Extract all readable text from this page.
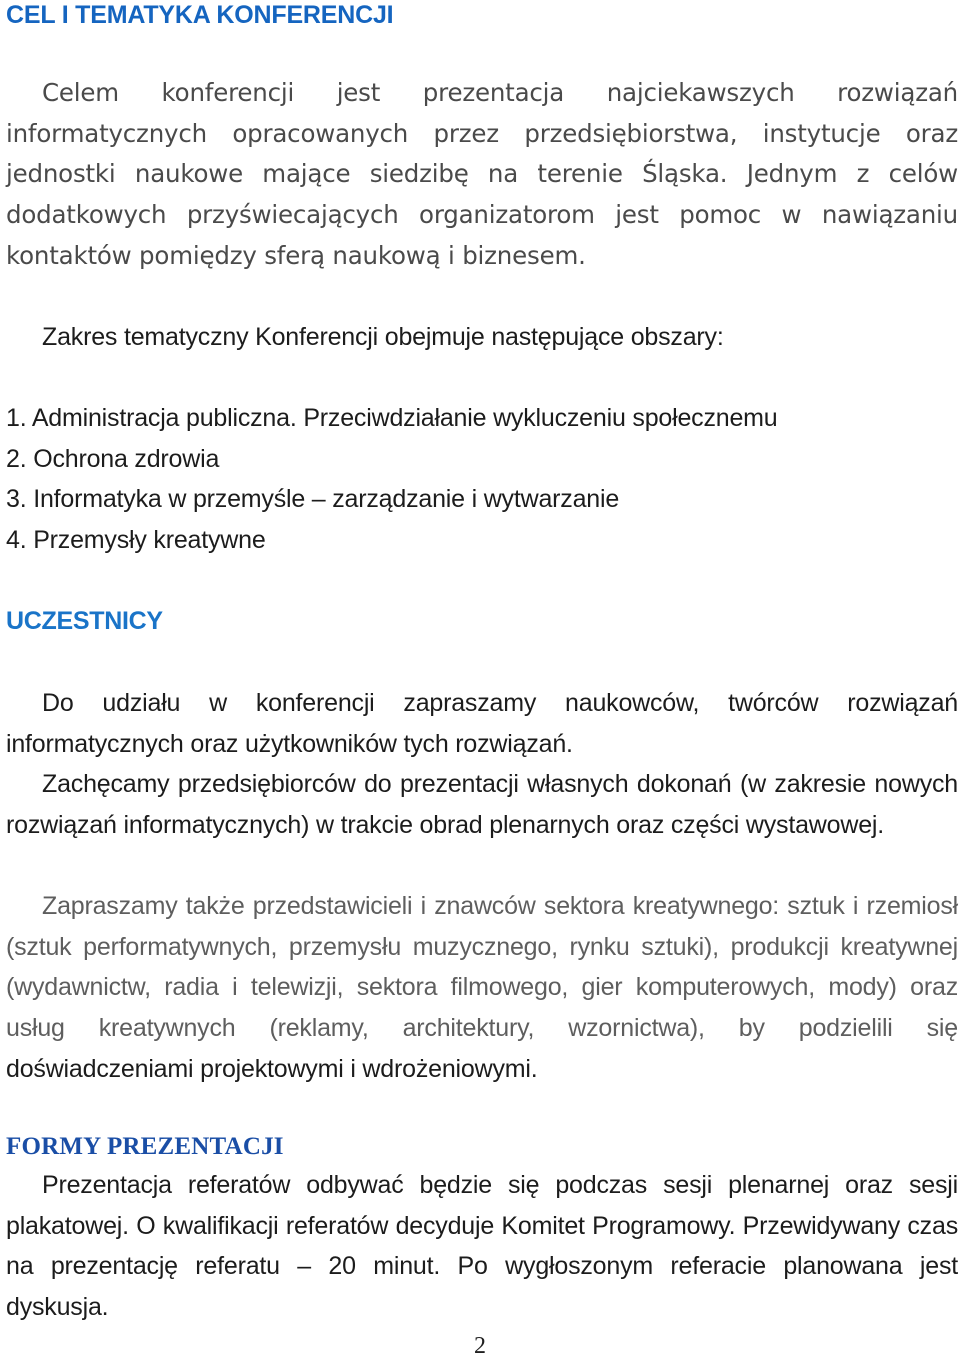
CEL I TEMATYKA KONFERENCJI

Celem konferencji jest prezentacja najciekawszych rozwiązań informatycznych opracowanych przez przedsiębiorstwa, instytucje oraz jednostki naukowe mające siedzibę na terenie Śląska. Jednym z celów dodatkowych przyświecających organizatorom jest pomoc w nawiązaniu kontaktów pomiędzy sferą naukową i biznesem.

Zakres tematyczny Konferencji obejmuje następujące obszary:

1. Administracja publiczna. Przeciwdziałanie wykluczeniu społecznemu
2. Ochrona zdrowia
3. Informatyka w przemyśle – zarządzanie i wytwarzanie
4. Przemysły kreatywne
UCZESTNICY

Do udziału w konferencji zapraszamy naukowców, twórców rozwiązań informatycznych oraz użytkowników tych rozwiązań.

Zachęcamy przedsiębiorców do prezentacji własnych dokonań (w zakresie nowych rozwiązań informatycznych) w trakcie obrad plenarnych oraz części wystawowej.

Zapraszamy także przedstawicieli i znawców sektora kreatywnego: sztuk i rzemiosł (sztuk performatywnych, przemysłu muzycznego, rynku sztuki), produkcji kreatywnej (wydawnictw, radia i telewizji, sektora filmowego, gier komputerowych, mody) oraz usług kreatywnych (reklamy, architektury, wzornictwa), by podzielili się doświadczeniami projektowymi i wdrożeniowymi.

FORMY PREZENTACJI

Prezentacja referatów odbywać będzie się podczas sesji plenarnej oraz sesji plakatowej. O kwalifikacji referatów decyduje Komitet Programowy. Przewidywany czas na prezentację referatu – 20 minut. Po wygłoszonym referacie planowana jest dyskusja.

2
